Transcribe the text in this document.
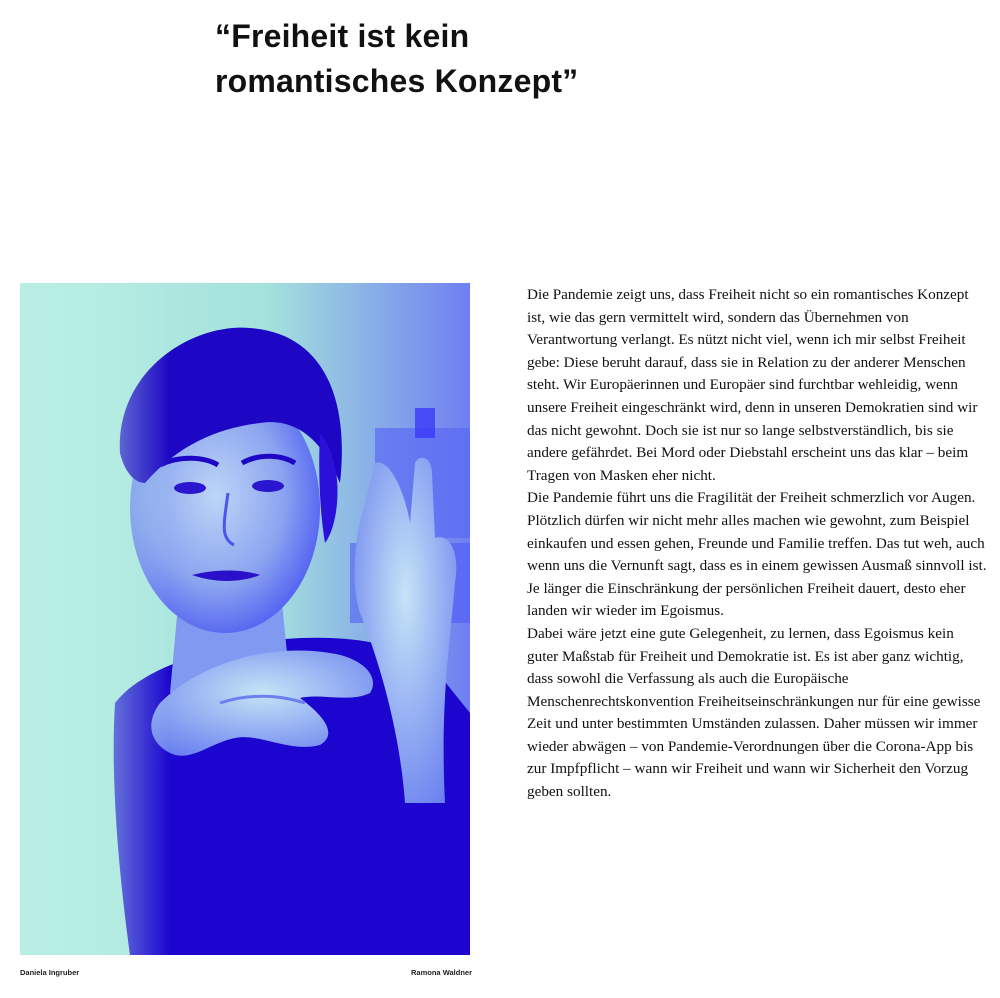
“Freiheit ist kein
romantisches Konzept”
Daniela Ingruber	Ramona Waldner

Die Pandemie zeigt uns, dass Freiheit nicht so ein romantisches Konzept ist, wie das gern vermittelt wird, sondern das Übernehmen von Verantwortung verlangt. Es nützt nicht viel, wenn ich mir selbst Freiheit gebe: Diese beruht darauf, dass sie in Relation zu der anderer Menschen steht. Wir Europäerinnen und Europäer sind furchtbar wehleidig, wenn unsere Freiheit eingeschränkt wird, denn in unseren Demokratien sind wir das nicht gewohnt. Doch sie ist nur so lange selbstverständlich, bis sie andere gefährdet. Bei Mord oder Diebstahl erscheint uns das klar – beim Tragen von Masken eher nicht.

Die Pandemie führt uns die Fragilität der Freiheit schmerzlich vor Augen. Plötzlich dürfen wir nicht mehr alles machen wie gewohnt, zum Beispiel einkaufen und essen gehen, Freunde und Familie treffen. Das tut weh, auch wenn uns die Vernunft sagt, dass es in einem gewissen Ausmaß sinnvoll ist. Je länger die Einschränkung der persönlichen Freiheit dauert, desto eher landen wir wieder im Egoismus.

Dabei wäre jetzt eine gute Gelegenheit, zu lernen, dass Egoismus kein guter Maßstab für Freiheit und Demokratie ist. Es ist aber ganz wichtig, dass sowohl die Verfassung als auch die Europäische Menschenrechtskonvention Freiheitseinschränkungen nur für eine gewisse Zeit und unter bestimmten Umständen zulassen. Daher müssen wir immer wieder abwägen – von Pandemie-Verordnungen über die Corona-App bis zur Impfpflicht – wann wir Freiheit und wann wir Sicherheit den Vorzug geben sollten.
